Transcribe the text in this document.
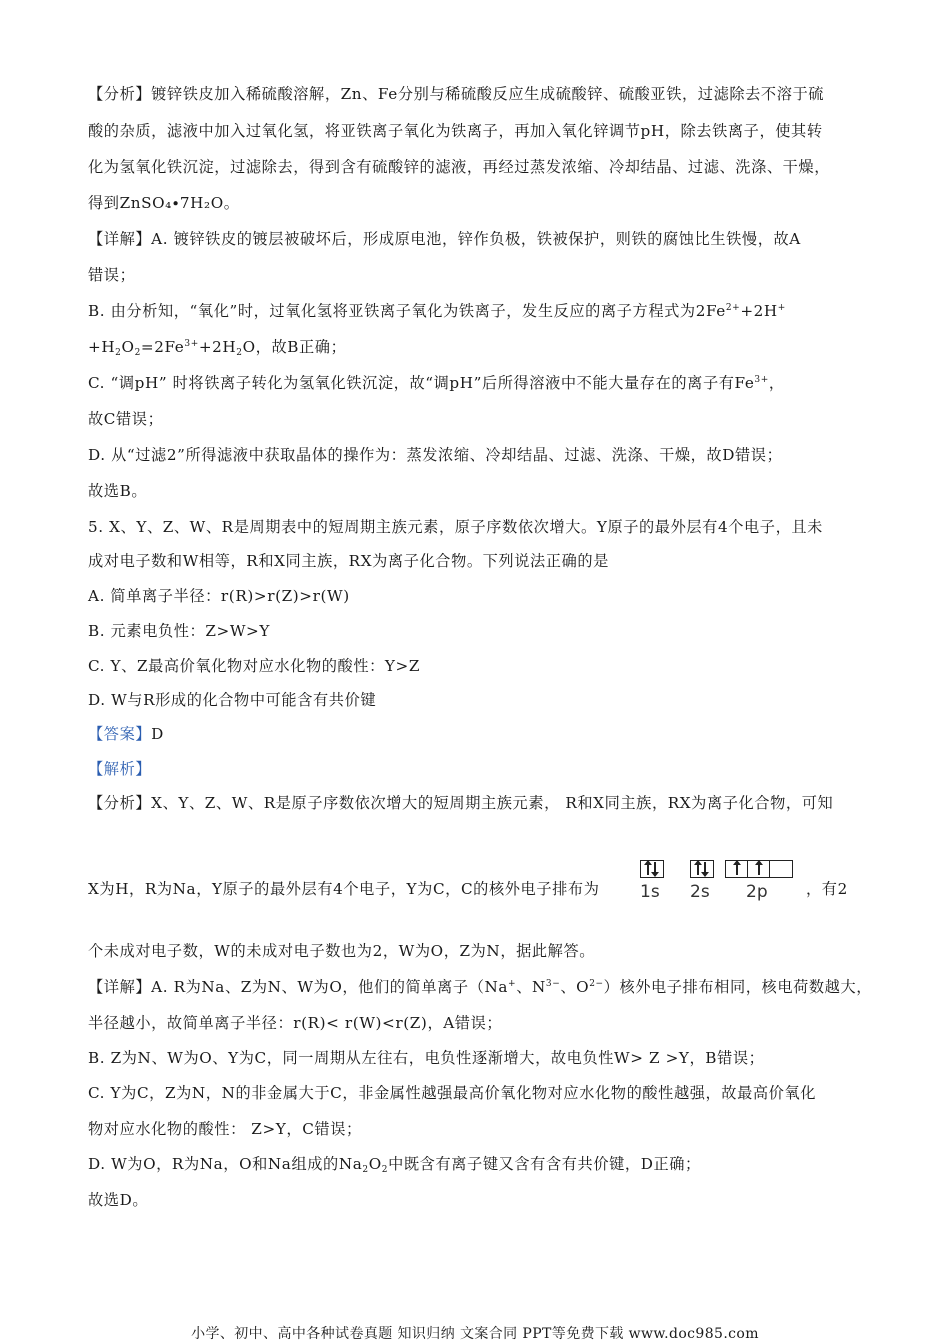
【分析】镀锌铁皮加入稀硫酸溶解，Zn、Fe分别与稀硫酸反应生成硫酸锌、硫酸亚铁，过滤除去不溶于硫
酸的杂质，滤液中加入过氧化氢，将亚铁离子氧化为铁离子，再加入氧化锌调节pH，除去铁离子，使其转
化为氢氧化铁沉淀，过滤除去，得到含有硫酸锌的滤液，再经过蒸发浓缩、冷却结晶、过滤、洗涤、干燥，
得到ZnSO₄∙7H₂O。
【详解】A. 镀锌铁皮的镀层被破坏后，形成原电池，锌作负极，铁被保护，则铁的腐蚀比生铁慢，故A
错误；
B. 由分析知，“氧化”时，过氧化氢将亚铁离子氧化为铁离子，发生反应的离子方程式为$2Fe^{2+}+2H^+$
$+H_2O_2=2Fe^{3+}+2H_2O$，故B正确；
C. “调pH” 时将铁离子转化为氢氧化铁沉淀，故“调pH”后所得溶液中不能大量存在的离子有$Fe^{3+}$，
故C错误；
D. 从“过滤2”所得滤液中获取晶体的操作为：蒸发浓缩、冷却结晶、过滤、洗涤、干燥，故D错误；
故选B。
5. X、Y、Z、W、R是周期表中的短周期主族元素，原子序数依次增大。Y原子的最外层有4个电子，且未
成对电子数和W相等，R和X同主族，RX为离子化合物。下列说法正确的是
A. 简单离子半径：r(R)>r(Z)>r(W)
B. 元素电负性：Z>W>Y
C. Y、Z最高价氧化物对应水化物的酸性：Y>Z
D. W与R形成的化合物中可能含有共价键
【答案】D
【解析】
【分析】X、Y、Z、W、R是原子序数依次增大的短周期主族元素， R和X同主族，RX为离子化合物，可知
X为H，R为Na，Y原子的最外层有4个电子，Y为C，C的核外电子排布为 1s 2s 2p	，有2
个未成对电子数，W的未成对电子数也为2，W为O，Z为N，据此解答。
【详解】A. R为Na、Z为N、W为O，他们的简单离子（Na+、$N^{3-}$、$O^{2-}$）核外电子排布相同，核电荷数越大，
半径越小，故简单离子半径：r(R)< r(W)<r(Z)，A错误；
B. Z为N、W为O、Y为C，同一周期从左往右，电负性逐渐增大，故电负性W> Z >Y，B错误；
C. Y为C，Z为N，N的非金属大于C，非金属性越强最高价氧化物对应水化物的酸性越强，故最高价氧化
物对应水化物的酸性： Z>Y，C错误；
D. W为O，R为Na，O和Na组成的$Na_2O_2$中既含有离子键又含有含有共价键，D正确；
故选D。
小学、初中、高中各种试卷真题 知识归纳 文案合同 PPT等免费下载 www.doc985.com
